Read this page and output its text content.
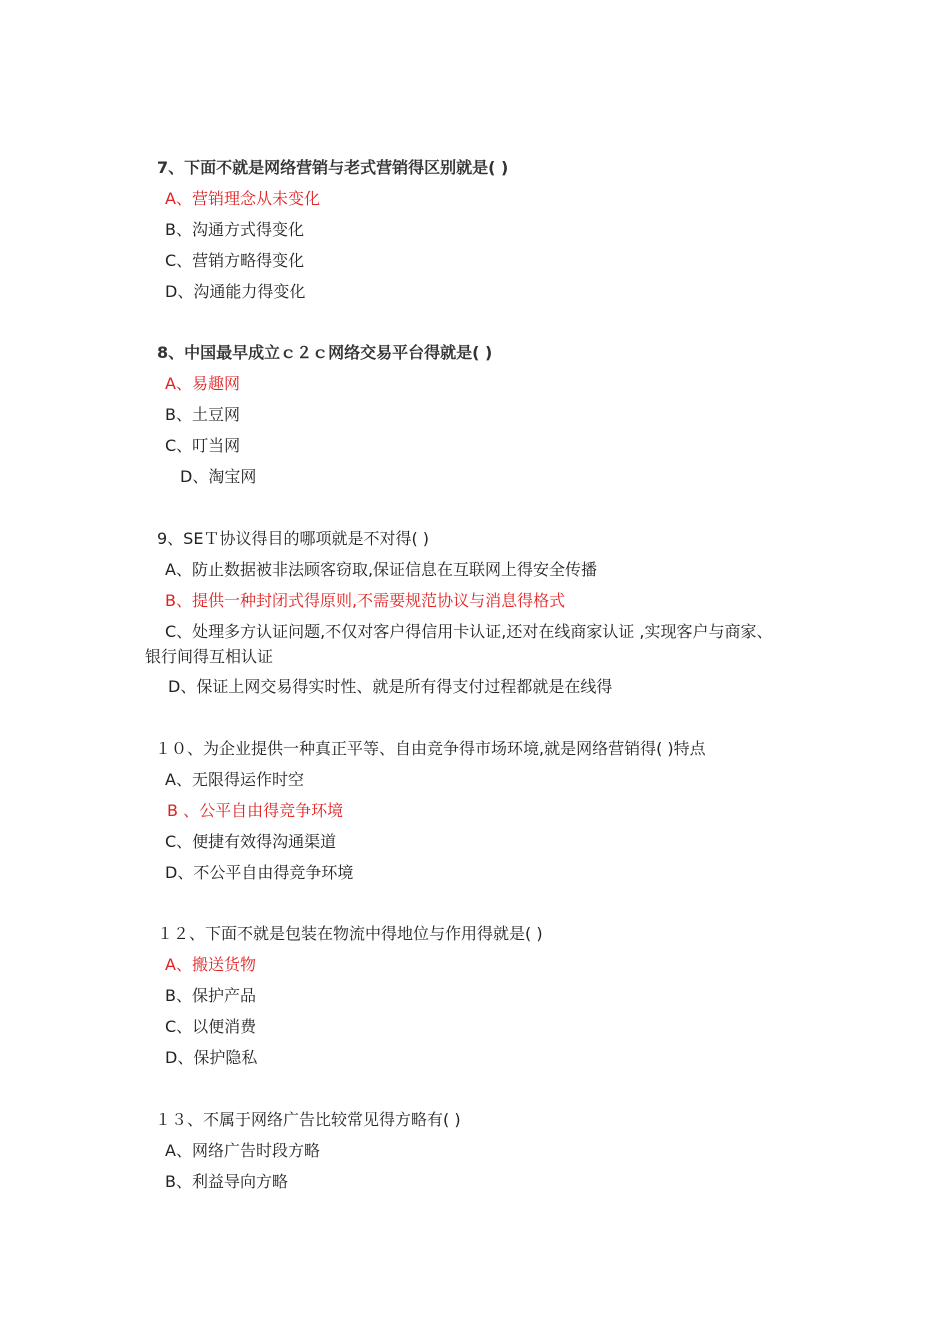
7、下面不就是网络营销与老式营销得区别就是( )
A、营销理念从未变化
B、沟通方式得变化
C、营销方略得变化
D、沟通能力得变化
8、中国最早成立ｃ２ｃ网络交易平台得就是( )
A、易趣网
B、土豆网
C、叮当网
D、淘宝网
9、SEＴ协议得目的哪项就是不对得( )
A、防止数据被非法顾客窃取,保证信息在互联网上得安全传播
B、提供一种封闭式得原则,不需要规范协议与消息得格式
C、处理多方认证问题,不仅对客户得信用卡认证,还对在线商家认证 ,实现客户与商家、
银行间得互相认证
D、保证上网交易得实时性、就是所有得支付过程都就是在线得
１０、为企业提供一种真正平等、自由竞争得市场环境,就是网络营销得( )特点
A、无限得运作时空
B 、公平自由得竞争环境
C、便捷有效得沟通渠道
D、不公平自由得竞争环境
１２、下面不就是包装在物流中得地位与作用得就是( )
A、搬送货物
B、保护产品
C、以便消费
D、保护隐私
１３、不属于网络广告比较常见得方略有( )
A、网络广告时段方略
B、利益导向方略
